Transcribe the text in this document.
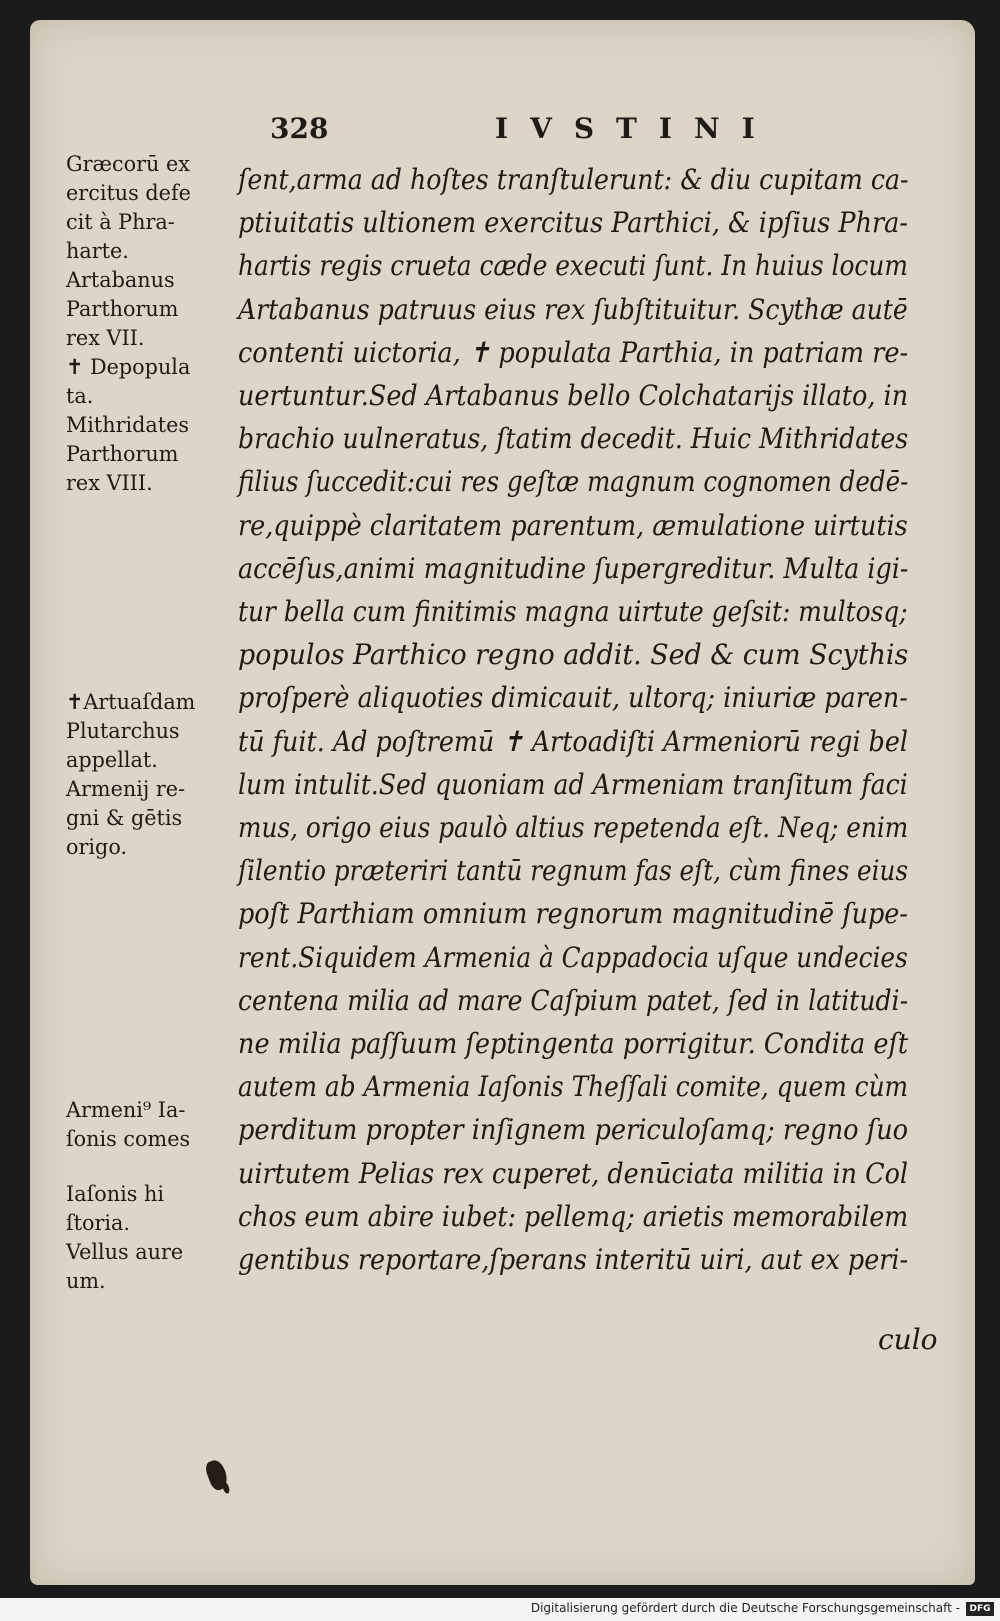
328	IVSTINI
ſent,arma ad hoſtes tranſtulerunt: & diu cupitam ca-
ptiuitatis ultionem exercitus Parthici, & ipſius Phra-
hartis regis crueta cæde executi ſunt. In huius locum
Artabanus patruus eius rex ſubſtituitur. Scythæ autē
contenti uictoria, ✝ populata Parthia, in patriam re-
uertuntur.Sed Artabanus bello Colchatarijs illato, in
brachio uulneratus, ſtatim decedit. Huic Mithridates
filius ſuccedit:cui res geſtæ magnum cognomen dedē-
re,quippè claritatem parentum, æmulatione uirtutis
accēſus,animi magnitudine ſupergreditur. Multa igi-
tur bella cum finitimis magna uirtute geſsit: multosq;
populos Parthico regno addit. Sed & cum Scythis
proſperè aliquoties dimicauit, ultorq; iniuriæ paren-
tū fuit. Ad poſtremū ✝ Artoadiſti Armeniorū regi bel
lum intulit.Sed quoniam ad Armeniam tranſitum faci
mus, origo eius paulò altius repetenda eſt. Neq; enim
ſilentio præteriri tantū regnum fas eſt, cùm fines eius
poſt Parthiam omnium regnorum magnitudinē ſupe-
rent.Siquidem Armenia à Cappadocia uſque undecies
centena milia ad mare Caſpium patet, ſed in latitudi-
ne milia paſſuum ſeptingenta porrigitur. Condita eſt
autem ab Armenia Iaſonis Theſſali comite, quem cùm
perditum propter inſignem periculoſamq; regno ſuo
uirtutem Pelias rex cuperet, denūciata militia in Col
chos eum abire iubet: pellemq; arietis memorabilem
gentibus reportare,ſperans interitū uiri, aut ex peri-
culo
Græcorū ex
ercitus defe
cit à Phra-
harte.
Artabanus
Parthorum
rex VII.
✝ Depopula
ta.
Mithridates
Parthorum
rex VIII.
✝Artuaſdam
Plutarchus
appellat.
Armenij re-
gni & gētis
origo.
Armeni⁹ Ia-
ſonis comes
Iaſonis hi
ſtoria.
Vellus aure
um.
Digitalisierung gefördert durch die Deutsche Forschungsgemeinschaft -	DFG
